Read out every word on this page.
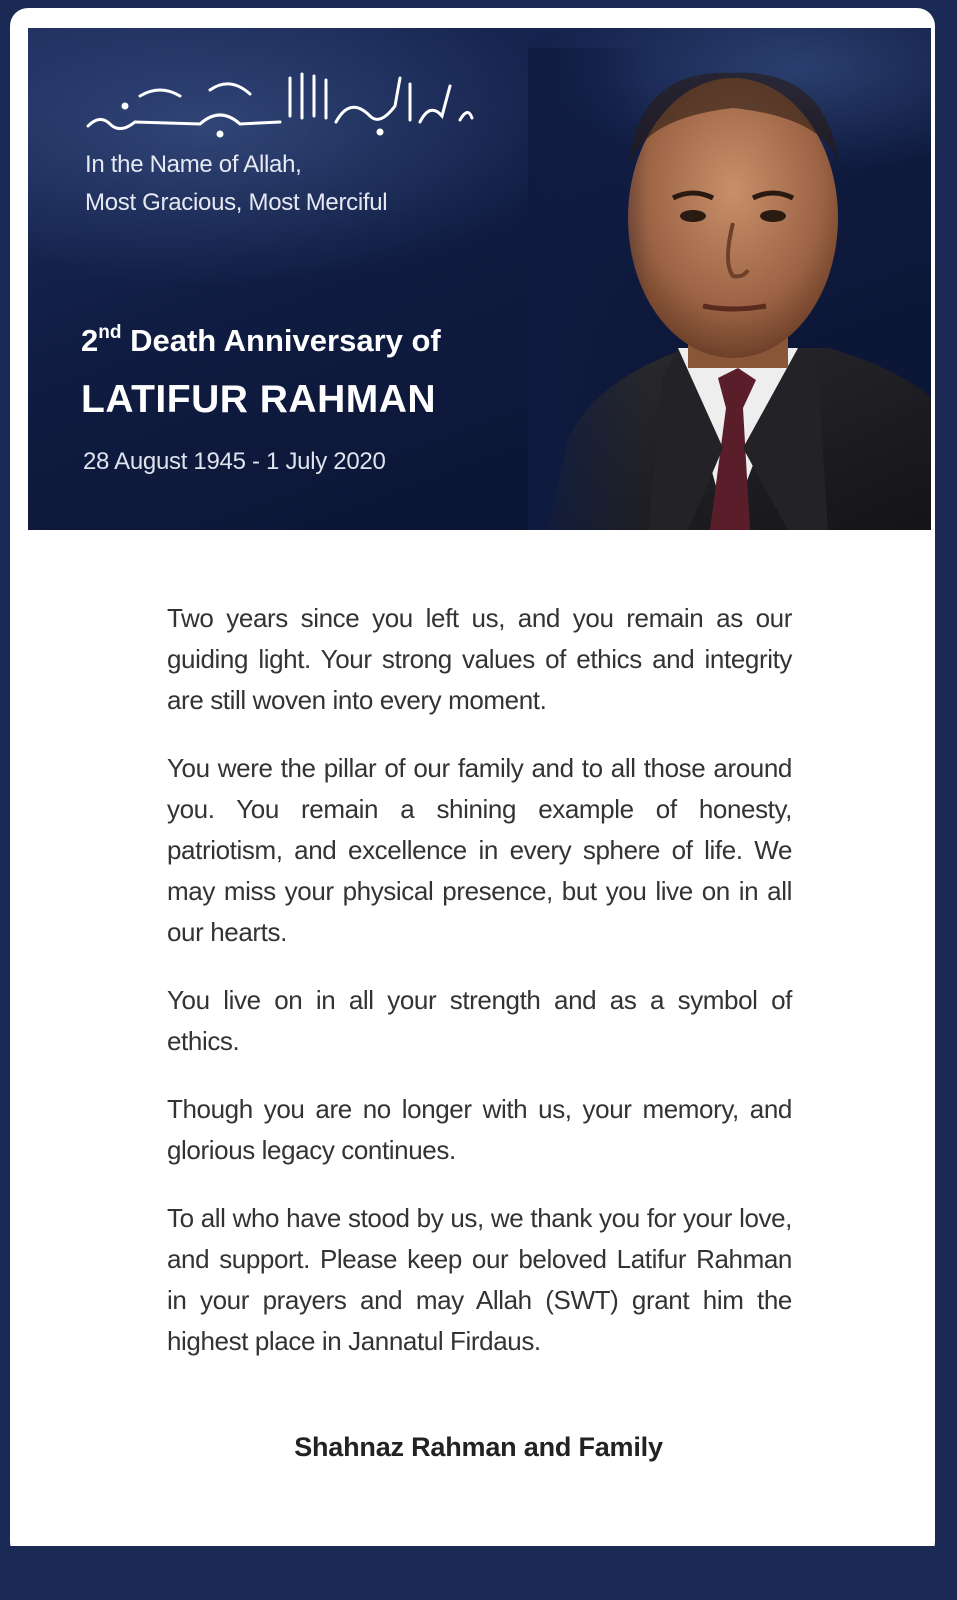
In the Name of Allah,
Most Gracious, Most Merciful
2nd Death Anniversary of
LATIFUR RAHMAN
28 August 1945 - 1 July 2020

Two years since you left us, and you remain as our guiding light. Your strong values of ethics and integrity are still woven into every moment.

You were the pillar of our family and to all those around you. You remain a shining example of honesty, patriotism, and excellence in every sphere of life. We may miss your physical presence, but you live on in all our hearts.

You live on in all your strength and as a symbol of ethics.

Though you are no longer with us, your memory, and glorious legacy continues.

To all who have stood by us, we thank you for your love, and support. Please keep our beloved Latifur Rahman in your prayers and may Allah (SWT) grant him the highest place in Jannatul Firdaus.

Shahnaz Rahman and Family
